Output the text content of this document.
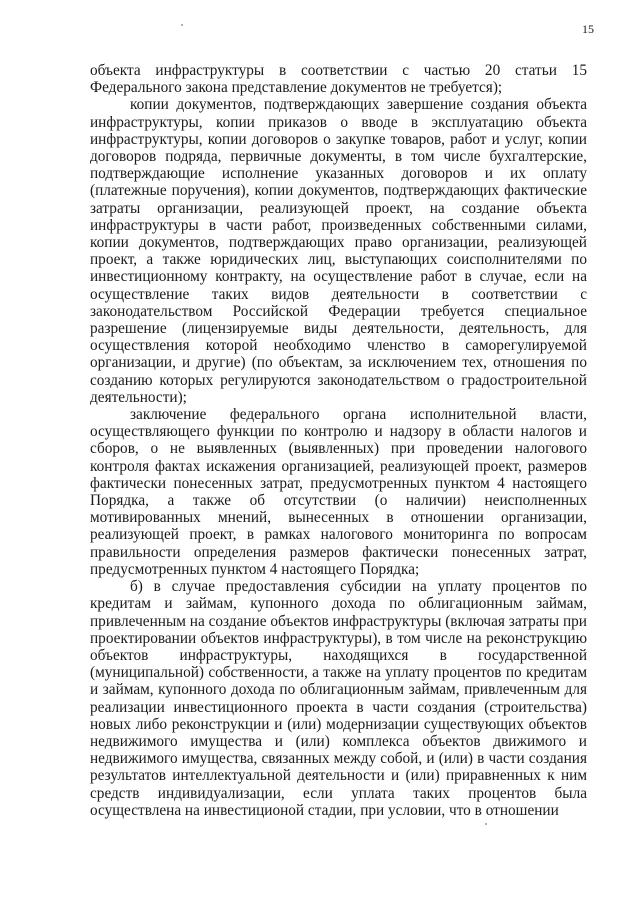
15

объекта инфраструктуры в соответствии с частью 20 статьи 15 Федерального закона представление документов не требуется);

копии документов, подтверждающих завершение создания объекта инфраструктуры, копии приказов о вводе в эксплуатацию объекта инфраструктуры, копии договоров о закупке товаров, работ и услуг, копии договоров подряда, первичные документы, в том числе бухгалтерские, подтверждающие исполнение указанных договоров и их оплату (платежные поручения), копии документов, подтверждающих фактические затраты организации, реализующей проект, на создание объекта инфраструктуры в части работ, произведенных собственными силами, копии документов, подтверждающих право организации, реализующей проект, а также юридических лиц, выступающих соисполнителями по инвестиционному контракту, на осуществление работ в случае, если на осуществление таких видов деятельности в соответствии с законодательством Российской Федерации требуется специальное разрешение (лицензируемые виды деятельности, деятельность, для осуществления которой необходимо членство в саморегулируемой организации, и другие) (по объектам, за исключением тех, отношения по созданию которых регулируются законодательством о градостроительной деятельности);

заключение федерального органа исполнительной власти, осуществляющего функции по контролю и надзору в области налогов и сборов, о не выявленных (выявленных) при проведении налогового контроля фактах искажения организацией, реализующей проект, размеров фактически понесенных затрат, предусмотренных пунктом 4 настоящего Порядка, а также об отсутствии (о наличии) неисполненных мотивированных мнений, вынесенных в отношении организации, реализующей проект, в рамках налогового мониторинга по вопросам правильности определения размеров фактически понесенных затрат, предусмотренных пунктом 4 настоящего Порядка;

б) в случае предоставления субсидии на уплату процентов по кредитам и займам, купонного дохода по облигационным займам, привлеченным на создание объектов инфраструктуры (включая затраты при проектировании объектов инфраструктуры), в том числе на реконструкцию объектов инфраструктуры, находящихся в государственной (муниципальной) собственности, а также на уплату процентов по кредитам и займам, купонного дохода по облигационным займам, привлеченным для реализации инвестиционного проекта в части создания (строительства) новых либо реконструкции и (или) модернизации существующих объектов недвижимого имущества и (или) комплекса объектов движимого и недвижимого имущества, связанных между собой, и (или) в части создания результатов интеллектуальной деятельности и (или) приравненных к ним средств индивидуализации, если уплата таких процентов была осуществлена на инвестиционой стадии, при условии, что в отношении
